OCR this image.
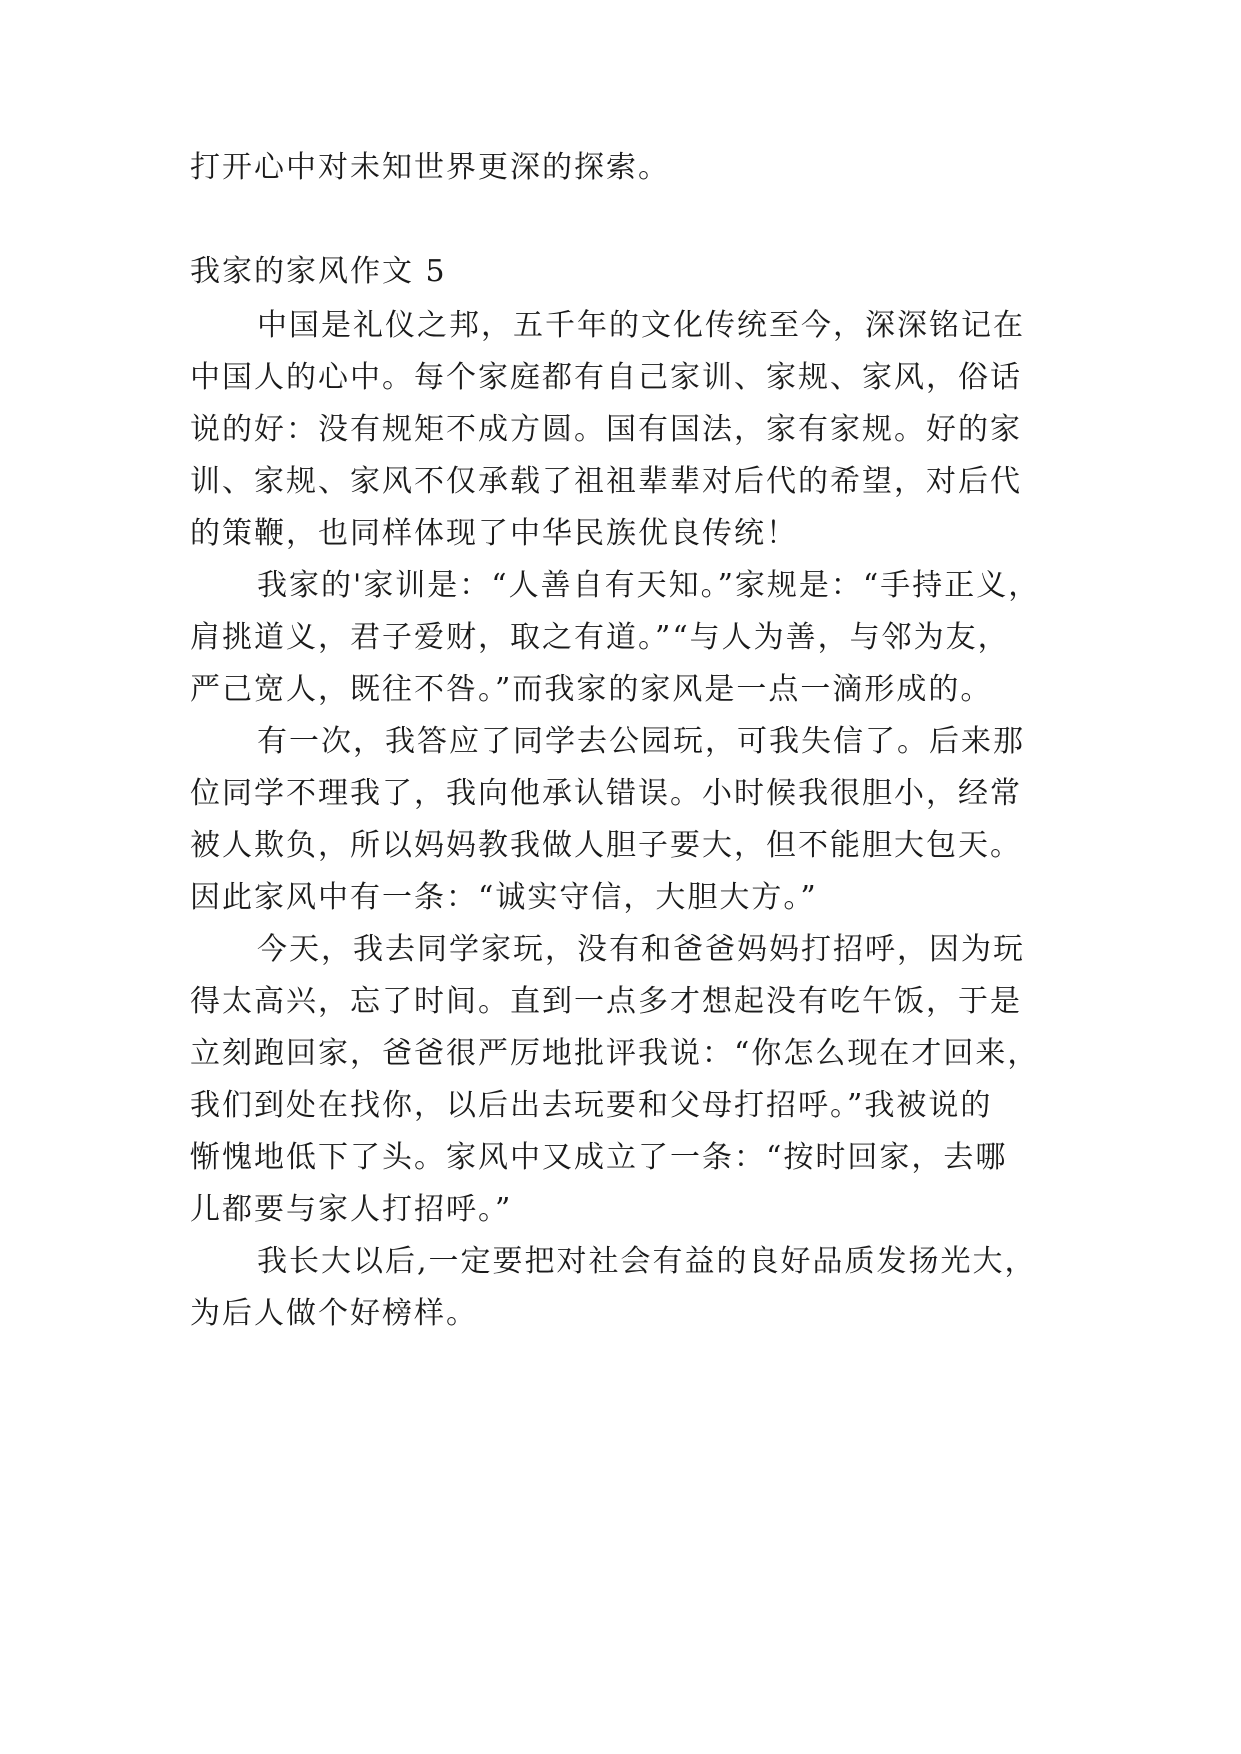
打开心中对未知世界更深的探索。
我家的家风作文 5
中国是礼仪之邦，五千年的文化传统至今，深深铭记在
中国人的心中。每个家庭都有自己家训、家规、家风，俗话
说的好：没有规矩不成方圆。国有国法，家有家规。好的家
训、家规、家风不仅承载了祖祖辈辈对后代的希望，对后代
的策鞭，也同样体现了中华民族优良传统！
我家的'家训是：“人善自有天知。”家规是：“手持正义，
肩挑道义，君子爱财，取之有道。”“与人为善，与邻为友，
严己宽人，既往不咎。”而我家的家风是一点一滴形成的。
有一次，我答应了同学去公园玩，可我失信了。后来那
位同学不理我了，我向他承认错误。小时候我很胆小，经常
被人欺负，所以妈妈教我做人胆子要大，但不能胆大包天。
因此家风中有一条：“诚实守信，大胆大方。”
今天，我去同学家玩，没有和爸爸妈妈打招呼，因为玩
得太高兴，忘了时间。直到一点多才想起没有吃午饭，于是
立刻跑回家，爸爸很严厉地批评我说：“你怎么现在才回来，
我们到处在找你，以后出去玩要和父母打招呼。”我被说的
惭愧地低下了头。家风中又成立了一条：“按时回家，去哪
儿都要与家人打招呼。”
我长大以后,一定要把对社会有益的良好品质发扬光大，
为后人做个好榜样。
